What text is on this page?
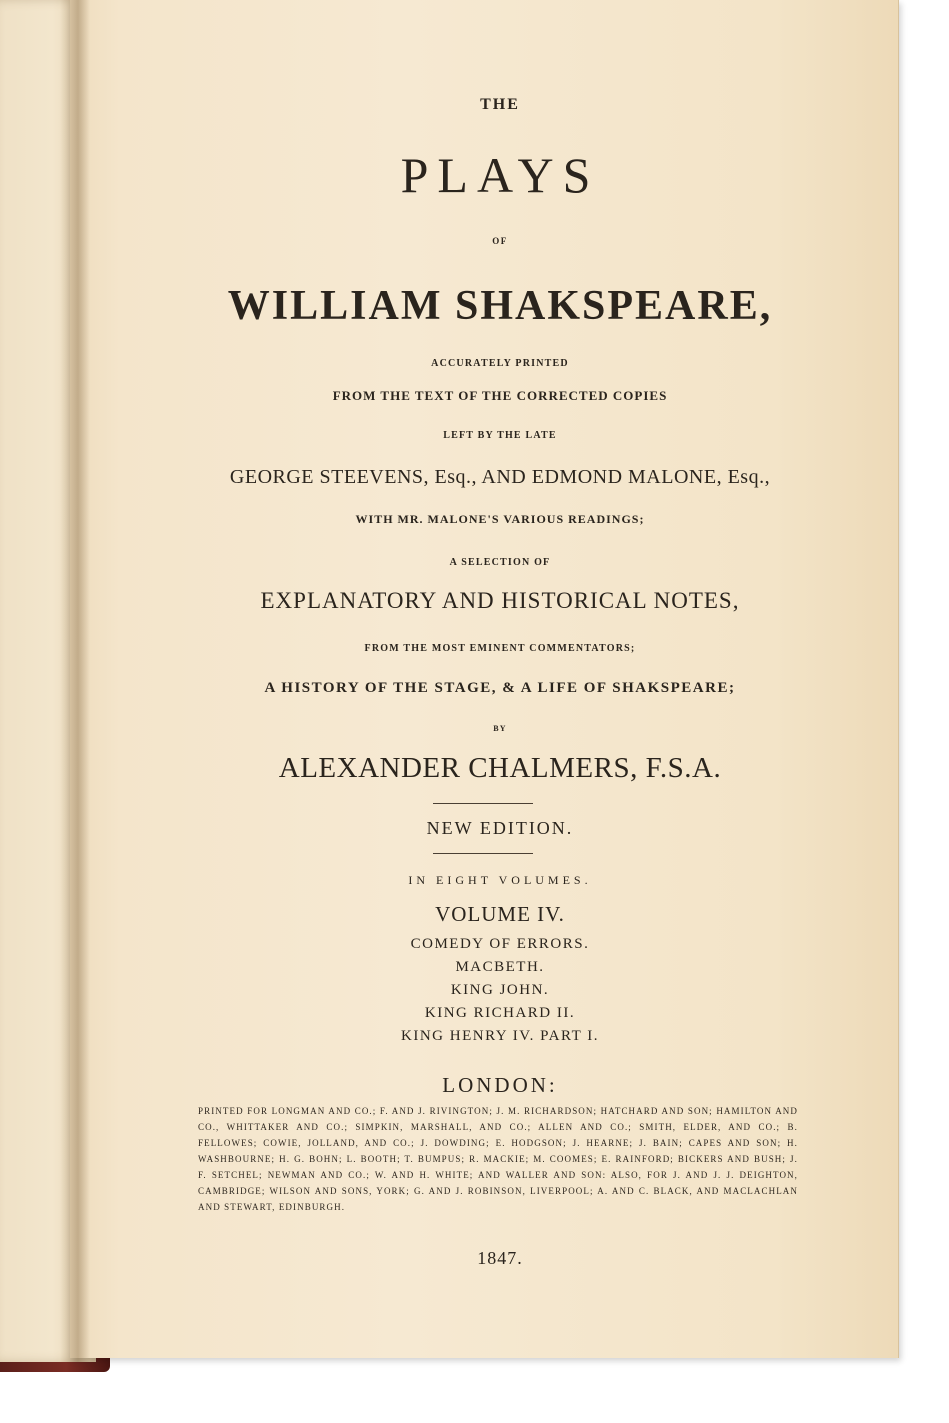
THE
PLAYS
OF
WILLIAM SHAKSPEARE,
ACCURATELY PRINTED
FROM THE TEXT OF THE CORRECTED COPIES
LEFT BY THE LATE
GEORGE STEEVENS, Esq., AND EDMOND MALONE, Esq.,
WITH MR. MALONE'S VARIOUS READINGS;
A SELECTION OF
EXPLANATORY AND HISTORICAL NOTES,
FROM THE MOST EMINENT COMMENTATORS;
A HISTORY OF THE STAGE, & A LIFE OF SHAKSPEARE;
BY
ALEXANDER CHALMERS, F.S.A.
NEW EDITION.
IN EIGHT VOLUMES.
VOLUME IV.
COMEDY OF ERRORS.
MACBETH.
KING JOHN.
KING RICHARD II.
KING HENRY IV. PART I.
LONDON:
1847.
PRINTED FOR LONGMAN AND CO.; F. AND J. RIVINGTON; J. M. RICHARDSON; HATCHARD AND SON; HAMILTON AND CO., WHITTAKER AND CO.; SIMPKIN, MARSHALL, AND CO.; ALLEN AND CO.; SMITH, ELDER, AND CO.; B. FELLOWES; COWIE, JOLLAND, AND CO.; J. DOWDING; E. HODGSON; J. HEARNE; J. BAIN; CAPES AND SON; H. WASHBOURNE; H. G. BOHN; L. BOOTH; T. BUMPUS; R. MACKIE; M. COOMES; E. RAINFORD; BICKERS AND BUSH; J. F. SETCHEL; NEWMAN AND CO.; W. AND H. WHITE; AND WALLER AND SON: ALSO, FOR J. AND J. J. DEIGHTON, CAMBRIDGE; WILSON AND SONS, YORK; G. AND J. ROBINSON, LIVERPOOL; A. AND C. BLACK, AND MACLACHLAN AND STEWART, EDINBURGH.
